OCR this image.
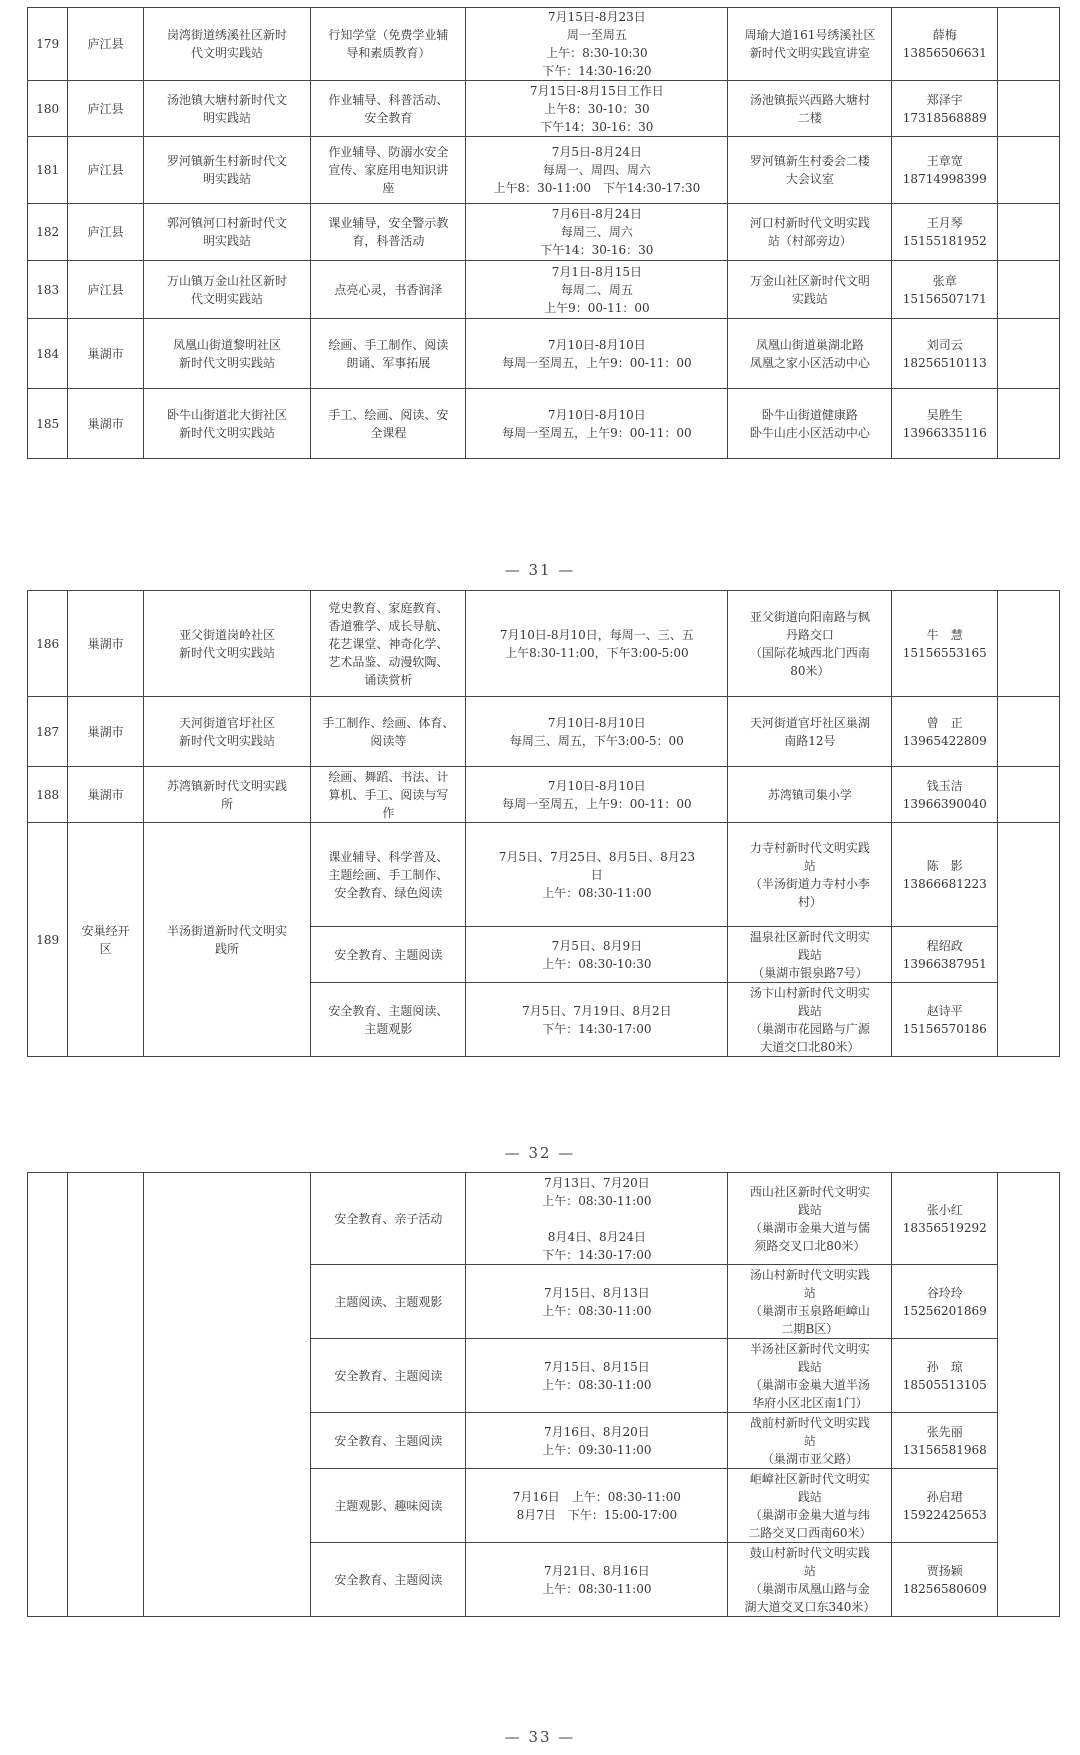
179	庐江县	岗湾街道绣溪社区新时
代文明实践站	行知学堂（免费学业辅
导和素质教育）	7月15日-8月23日
周一至周五
上午：8:30-10:30
下午：14:30-16:20	周瑜大道161号绣溪社区
新时代文明实践宣讲室	薛梅
13856506631	
180	庐江县	汤池镇大塘村新时代文
明实践站	作业辅导、科普活动、
安全教育	7月15日-8月15日工作日
上午8：30-10：30
下午14：30-16：30	汤池镇振兴西路大塘村
二楼	郑泽宇
17318568889	
181	庐江县	罗河镇新生村新时代文
明实践站	作业辅导、防溺水安全
宣传、家庭用电知识讲
座	7月5日-8月24日
每周一、周四、周六
上午8：30-11:00　下午14:30-17:30	罗河镇新生村委会二楼
大会议室	王章宽
18714998399	
182	庐江县	郭河镇河口村新时代文
明实践站	课业辅导，安全警示教
育，科普活动	7月6日-8月24日
每周三、周六
下午14：30-16：30	河口村新时代文明实践
站（村部旁边）	王月琴
15155181952	
183	庐江县	万山镇万金山社区新时
代文明实践站	点亮心灵，书香润泽	7月1日-8月15日
每周二、周五
上午9：00-11：00	万金山社区新时代文明
实践站	张章
15156507171	
184	巢湖市	凤凰山街道黎明社区
新时代文明实践站	绘画、手工制作、阅读
朗诵、军事拓展	7月10日-8月10日
每周一至周五，上午9：00-11：00	凤凰山街道巢湖北路
凤凰之家小区活动中心	刘司云
18256510113	
185	巢湖市	卧牛山街道北大街社区
新时代文明实践站	手工、绘画、阅读、安
全课程	7月10日-8月10日
每周一至周五，上午9：00-11：00	卧牛山街道健康路
卧牛山庄小区活动中心	吴胜生
13966335116	
— 31 —
186	巢湖市	亚父街道岗岭社区
新时代文明实践站	党史教育、家庭教育、
香道雅学、成长导航、
花艺课堂、神奇化学、
艺术品鉴、动漫软陶、
诵读赏析	7月10日-8月10日，每周一、三、五
上午8:30-11:00，下午3:00-5:00	亚父街道向阳南路与枫
丹路交口
（国际花城西北门西南
80米）	牛　慧
15156553165	
187	巢湖市	天河街道官圩社区
新时代文明实践站	手工制作、绘画、体育、
阅读等	7月10日-8月10日
每周三、周五，下午3:00-5：00	天河街道官圩社区巢湖
南路12号	曾　正
13965422809	
188	巢湖市	苏湾镇新时代文明实践
所	绘画、舞蹈、书法、计
算机、手工、阅读与写
作	7月10日-8月10日
每周一至周五，上午9：00-11：00	苏湾镇司集小学	钱玉洁
13966390040	
189	安巢经开
区	半汤街道新时代文明实
践所	课业辅导、科学普及、
主题绘画、手工制作、
安全教育、绿色阅读	7月5日、7月25日、8月5日、8月23
日
上午：08:30-11:00	力寺村新时代文明实践
站
（半汤街道力寺村小李
村）	陈　影
13866681223	
			安全教育、主题阅读	7月5日、8月9日
上午：08:30-10:30	温泉社区新时代文明实
践站
（巢湖市银泉路7号）	程绍政
13966387951	
			安全教育、主题阅读、
主题观影	7月5日、7月19日、8月2日
下午：14:30-17:00	汤卞山村新时代文明实
践站
（巢湖市花园路与广源
大道交口北80米）	赵诗平
15156570186	
— 32 —
			安全教育、亲子活动	7月13日、7月20日
上午：08:30-11:00

8月4日、8月24日
下午：14:30-17:00	西山社区新时代文明实
践站
（巢湖市金巢大道与儒
须路交叉口北80米）	张小红
18356519292	
			主题阅读、主题观影	7月15日、8月13日
上午：08:30-11:00	汤山村新时代文明实践
站
（巢湖市玉泉路岠嶂山
二期B区）	谷玲玲
15256201869	
			安全教育、主题阅读	7月15日、8月15日
上午：08:30-11:00	半汤社区新时代文明实
践站
（巢湖市金巢大道半汤
华府小区北区南1门）	孙　琼
18505513105	
			安全教育、主题阅读	7月16日、8月20日
上午：09:30-11:00	战前村新时代文明实践
站
（巢湖市亚父路）	张先丽
13156581968	
			主题观影、趣味阅读	7月16日　上午：08:30-11:00
8月7日　下午：15:00-17:00	岠嶂社区新时代文明实
践站
（巢湖市金巢大道与纬
二路交叉口西南60米）	孙启珺
15922425653	
			安全教育、主题阅读	7月21日、8月16日
上午：08:30-11:00	鼓山村新时代文明实践
站
（巢湖市凤凰山路与金
湖大道交叉口东340米）	贾扬颖
18256580609	
— 33 —
